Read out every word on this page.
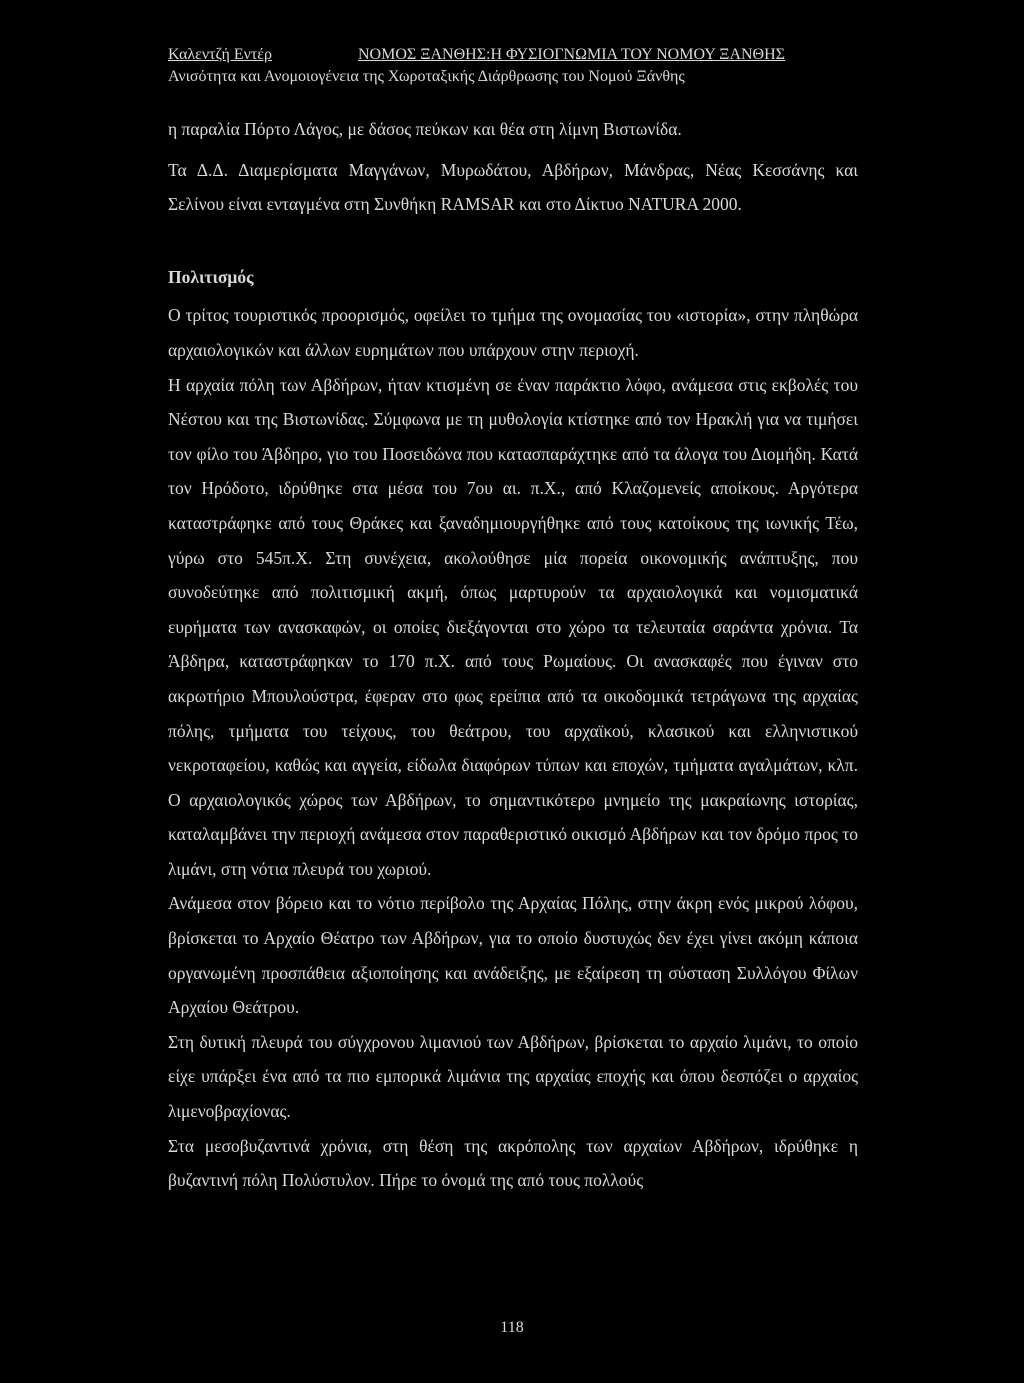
Καλεντζή Εντέρ	ΝΟΜΟΣ ΞΑΝΘΗΣ:Η ΦΥΣΙΟΓΝΩΜΙΑ ΤΟΥ ΝΟΜΟΥ ΞΑΝΘΗΣ
Ανισότητα και Ανομοιογένεια της Χωροταξικής Διάρθρωσης του Νομού Ξάνθης

η παραλία Πόρτο Λάγος, με δάσος πεύκων και θέα στη λίμνη Βιστωνίδα.

Τα Δ.Δ. Διαμερίσματα Μαγγάνων, Μυρωδάτου, Αβδήρων, Μάνδρας, Νέας Κεσσάνης και Σελίνου είναι ενταγμένα στη Συνθήκη RAMSAR και στο Δίκτυο NATURA 2000.

Πολιτισμός

Ο τρίτος τουριστικός προορισμός, οφείλει το τμήμα της ονομασίας του «ιστορία», στην πληθώρα αρχαιολογικών και άλλων ευρημάτων που υπάρχουν στην περιοχή.

Η αρχαία πόλη των Αβδήρων, ήταν κτισμένη σε έναν παράκτιο λόφο, ανάμεσα στις εκβολές του Νέστου και της Βιστωνίδας. Σύμφωνα με τη μυθολογία κτίστηκε από τον Ηρακλή για να τιμήσει τον φίλο του Άβδηρο, γιο του Ποσειδώνα που κατασπαράχτηκε από τα άλογα του Διομήδη. Κατά τον Ηρόδοτο, ιδρύθηκε στα μέσα του 7ου αι. π.Χ., από Κλαζομενείς αποίκους. Αργότερα καταστράφηκε από τους Θράκες και ξαναδημιουργήθηκε από τους κατοίκους της ιωνικής Τέω, γύρω στο 545π.Χ. Στη συνέχεια, ακολούθησε μία πορεία οικονομικής ανάπτυξης, που συνοδεύτηκε από πολιτισμική ακμή, όπως μαρτυρούν τα αρχαιολογικά και νομισματικά ευρήματα των ανασκαφών, οι οποίες διεξάγονται στο χώρο τα τελευταία σαράντα χρόνια. Τα Άβδηρα, καταστράφηκαν το 170 π.Χ. από τους Ρωμαίους. Οι ανασκαφές που έγιναν στο ακρωτήριο Μπουλούστρα, έφεραν στο φως ερείπια από τα οικοδομικά τετράγωνα της αρχαίας πόλης, τμήματα του τείχους, του θεάτρου, του αρχαϊκού, κλασικού και ελληνιστικού νεκροταφείου, καθώς και αγγεία, είδωλα διαφόρων τύπων και εποχών, τμήματα αγαλμάτων, κλπ. Ο αρχαιολογικός χώρος των Αβδήρων, το σημαντικότερο μνημείο της μακραίωνης ιστορίας, καταλαμβάνει την περιοχή ανάμεσα στον παραθεριστικό οικισμό Αβδήρων και τον δρόμο προς το λιμάνι, στη νότια πλευρά του χωριού.

Ανάμεσα στον βόρειο και το νότιο περίβολο της Αρχαίας Πόλης, στην άκρη ενός μικρού λόφου, βρίσκεται το Αρχαίο Θέατρο των Αβδήρων, για το οποίο δυστυχώς δεν έχει γίνει ακόμη κάποια οργανωμένη προσπάθεια αξιοποίησης και ανάδειξης, με εξαίρεση τη σύσταση Συλλόγου Φίλων Αρχαίου Θεάτρου.

Στη δυτική πλευρά του σύγχρονου λιμανιού των Αβδήρων, βρίσκεται το αρχαίο λιμάνι, το οποίο είχε υπάρξει ένα από τα πιο εμπορικά λιμάνια της αρχαίας εποχής και όπου δεσπόζει ο αρχαίος λιμενοβραχίονας.

Στα μεσοβυζαντινά χρόνια, στη θέση της ακρόπολης των αρχαίων Αβδήρων, ιδρύθηκε η βυζαντινή πόλη Πολύστυλον. Πήρε το όνομά της από τους πολλούς

118
